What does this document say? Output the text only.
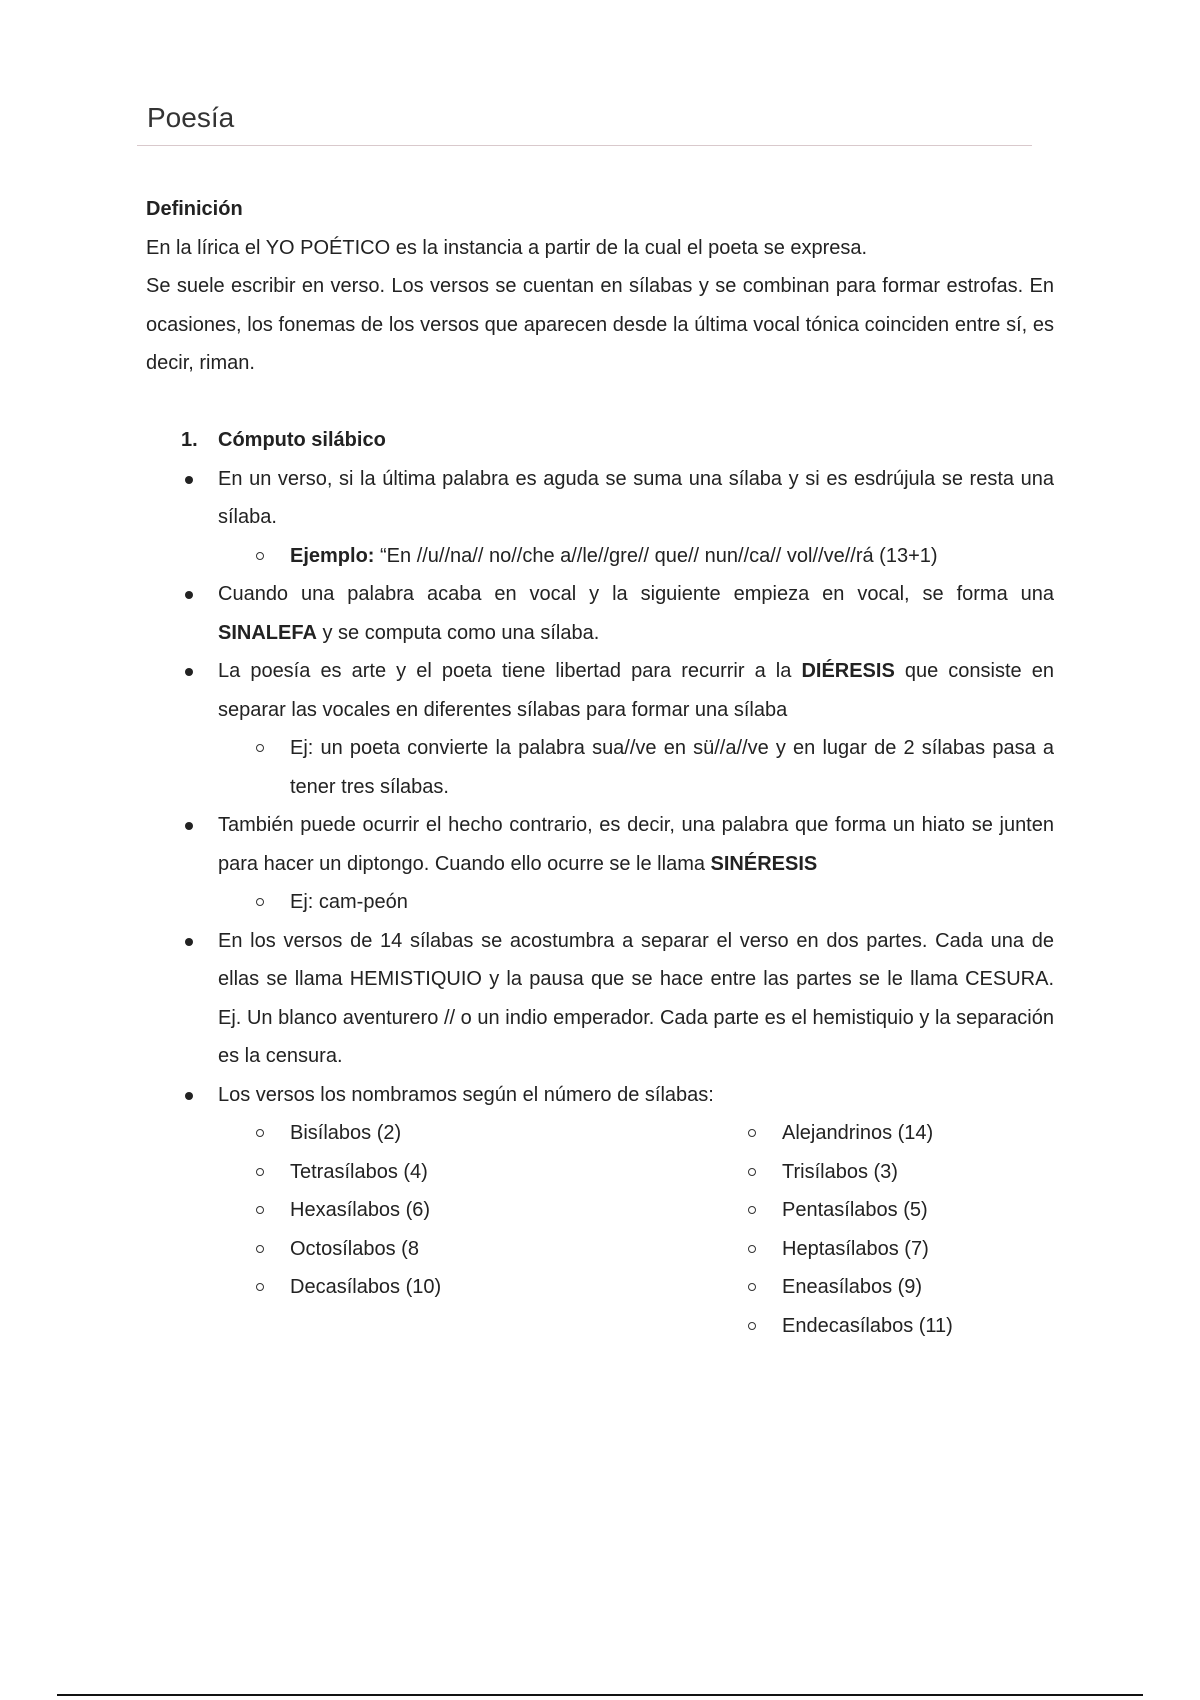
Poesía

Definición

En la lírica el YO POÉTICO es la instancia a partir de la cual el poeta se expresa.

Se suele escribir en verso. Los versos se cuentan en sílabas y se combinan para formar estrofas. En ocasiones, los fonemas de los versos que aparecen desde la última vocal tónica coinciden entre sí, es decir, riman.

1. Cómputo silábico
En un verso, si la última palabra es aguda se suma una sílaba y si es esdrújula se resta una sílaba.
Ejemplo: “En //u//na// no//che a//le//gre// que// nun//ca// vol//ve//rá (13+1)
Cuando una palabra acaba en vocal y la siguiente empieza en vocal, se forma una SINALEFA y se computa como una sílaba.
La poesía es arte y el poeta tiene libertad para recurrir a la DIÉRESIS que consiste en separar las vocales en diferentes sílabas para formar una sílaba
Ej: un poeta convierte la palabra sua//ve en sü//a//ve y en lugar de 2 sílabas pasa a tener tres sílabas.
También puede ocurrir el hecho contrario, es decir, una palabra que forma un hiato se junten para hacer un diptongo. Cuando ello ocurre se le llama SINÉRESIS
Ej: cam-peón
En los versos de 14 sílabas se acostumbra a separar el verso en dos partes. Cada una de ellas se llama HEMISTIQUIO y la pausa que se hace entre las partes se le llama CESURA. Ej. Un blanco aventurero // o un indio emperador. Cada parte es el hemistiquio y la separación es la censura.
Los versos los nombramos según el número de sílabas:
Bisílabos (2)	Alejandrinos (14)
Tetrasílabos (4)	Trisílabos (3)
Hexasílabos (6)	Pentasílabos (5)
Octosílabos (8	Heptasílabos (7)
Decasílabos (10)	Eneasílabos (9)
Endecasílabos (11)
